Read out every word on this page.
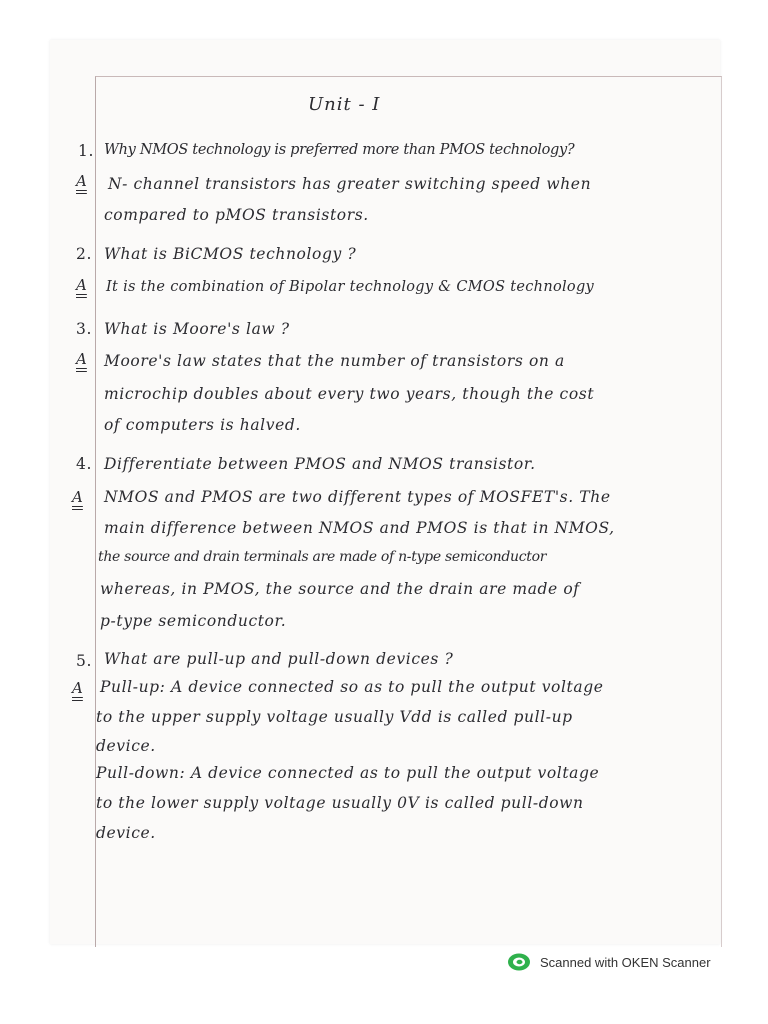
Unit - I
1. Why NMOS technology is preferred more than PMOS technology?
A N- channel transistors has greater switching speed when
compared to pMOS transistors.
2. What is BiCMOS technology ?
A It is the combination of Bipolar technology & CMOS technology
3. What is Moore's law ?
A Moore's law states that the number of transistors on a
microchip doubles about every two years, though the cost
of computers is halved.
4. Differentiate between PMOS and NMOS transistor.
A NMOS and PMOS are two different types of MOSFET's. The
main difference between NMOS and PMOS is that in NMOS,
the source and drain terminals are made of n-type semiconductor
whereas, in PMOS, the source and the drain are made of
p-type semiconductor.
5. What are pull-up and pull-down devices ?
A Pull-up: A device connected so as to pull the output voltage
to the upper supply voltage usually Vdd is called pull-up
device.
Pull-down: A device connected as to pull the output voltage
to the lower supply voltage usually 0V is called pull-down
device.
Scanned with OKEN Scanner
